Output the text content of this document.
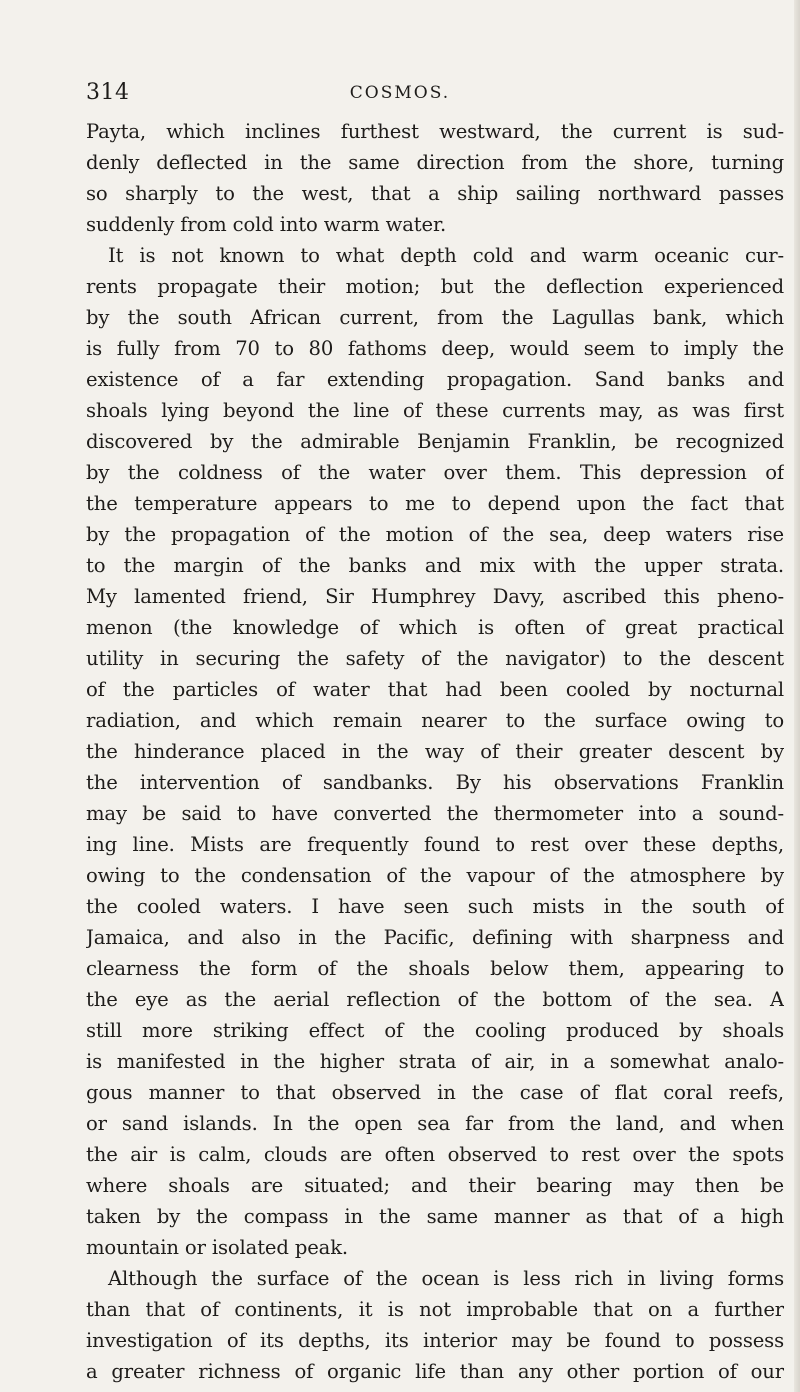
314	COSMOS.
Payta, which inclines furthest westward, the current is sud-
denly deflected in the same direction from the shore, turning
so sharply to the west, that a ship sailing northward passes
suddenly from cold into warm water.
It is not known to what depth cold and warm oceanic cur-
rents propagate their motion; but the deflection experienced
by the south African current, from the Lagullas bank, which
is fully from 70 to 80 fathoms deep, would seem to imply the
existence of a far extending propagation. Sand banks and
shoals lying beyond the line of these currents may, as was first
discovered by the admirable Benjamin Franklin, be recognized
by the coldness of the water over them. This depression of
the temperature appears to me to depend upon the fact that
by the propagation of the motion of the sea, deep waters rise
to the margin of the banks and mix with the upper strata.
My lamented friend, Sir Humphrey Davy, ascribed this pheno-
menon (the knowledge of which is often of great practical
utility in securing the safety of the navigator) to the descent
of the particles of water that had been cooled by nocturnal
radiation, and which remain nearer to the surface owing to
the hinderance placed in the way of their greater descent by
the intervention of sandbanks. By his observations Franklin
may be said to have converted the thermometer into a sound-
ing line. Mists are frequently found to rest over these depths,
owing to the condensation of the vapour of the atmosphere by
the cooled waters. I have seen such mists in the south of
Jamaica, and also in the Pacific, defining with sharpness and
clearness the form of the shoals below them, appearing to
the eye as the aerial reflection of the bottom of the sea. A
still more striking effect of the cooling produced by shoals
is manifested in the higher strata of air, in a somewhat analo-
gous manner to that observed in the case of flat coral reefs,
or sand islands. In the open sea far from the land, and when
the air is calm, clouds are often observed to rest over the spots
where shoals are situated; and their bearing may then be
taken by the compass in the same manner as that of a high
mountain or isolated peak.
Although the surface of the ocean is less rich in living forms
than that of continents, it is not improbable that on a further
investigation of its depths, its interior may be found to possess
a greater richness of organic life than any other portion of our
